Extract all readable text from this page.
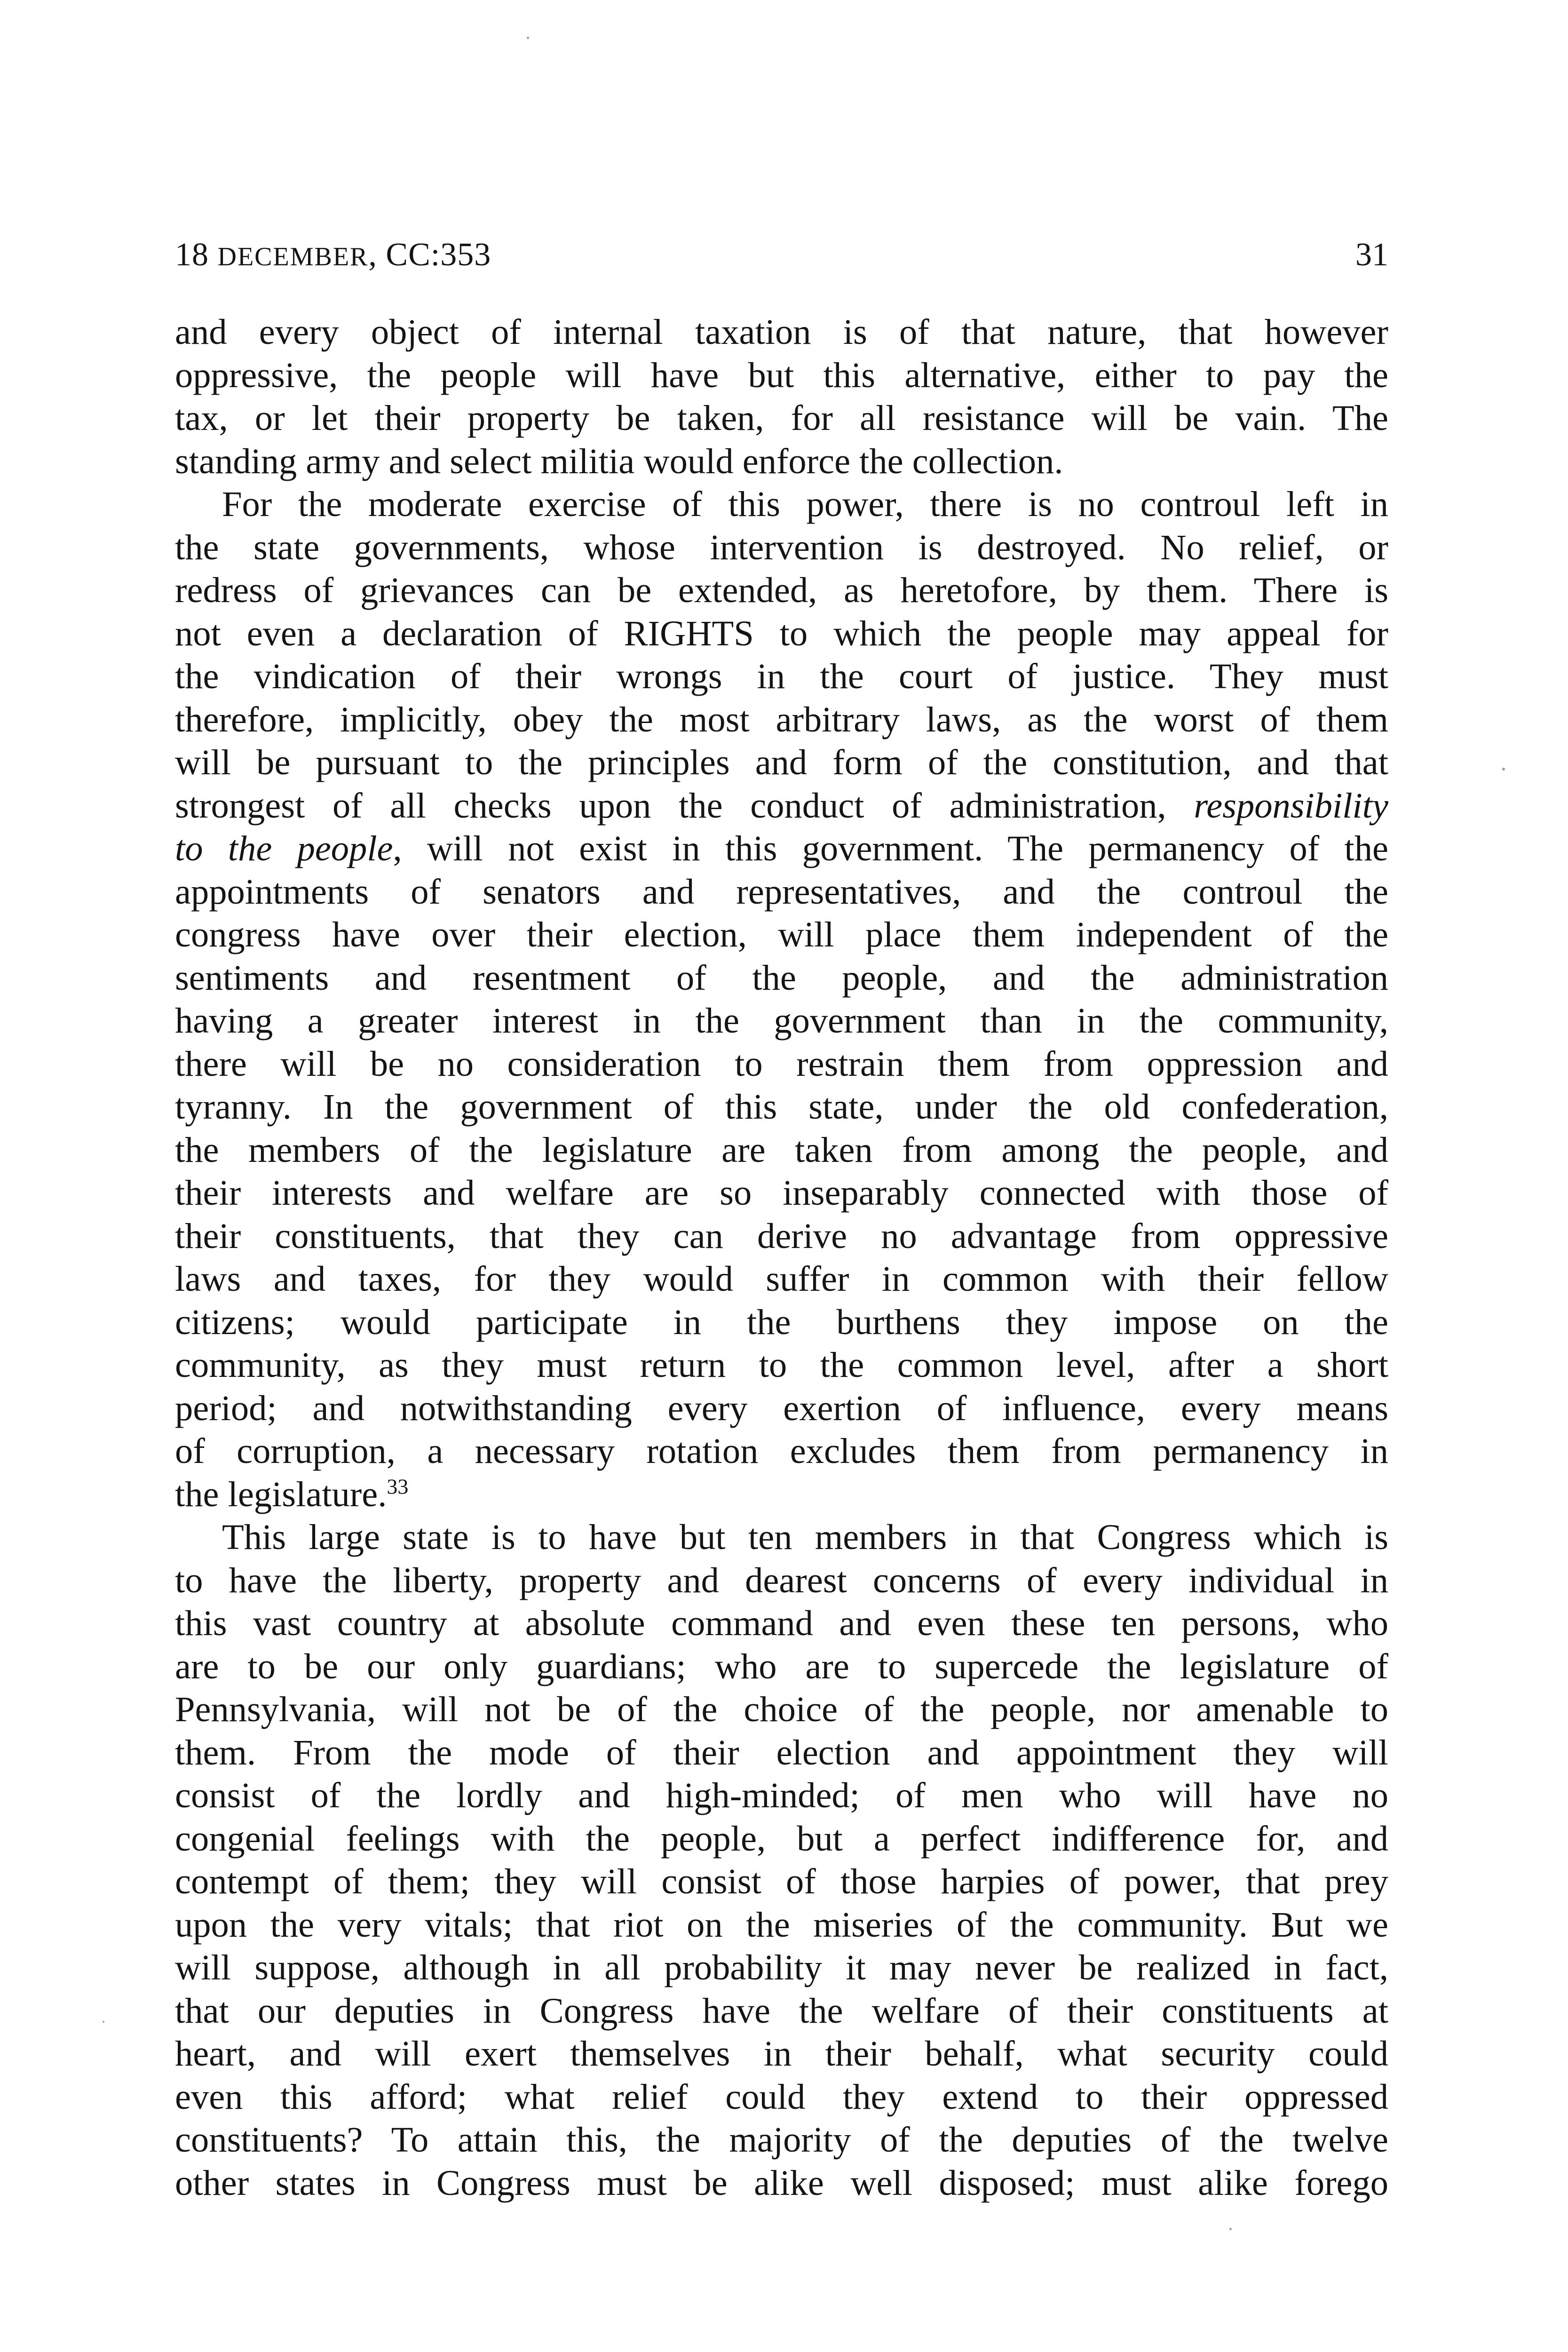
18 DECEMBER, CC:353	31

and every object of internal taxation is of that nature, that however

oppressive, the people will have but this alternative, either to pay the

tax, or let their property be taken, for all resistance will be vain. The

standing army and select militia would enforce the collection.

For the moderate exercise of this power, there is no controul left in

the state governments, whose intervention is destroyed. No relief, or

redress of grievances can be extended, as heretofore, by them. There is

not even a declaration of RIGHTS to which the people may appeal for

the vindication of their wrongs in the court of justice. They must

therefore, implicitly, obey the most arbitrary laws, as the worst of them

will be pursuant to the principles and form of the constitution, and that

strongest of all checks upon the conduct of administration, responsibility

to the people, will not exist in this government. The permanency of the

appointments of senators and representatives, and the controul the

congress have over their election, will place them independent of the

sentiments and resentment of the people, and the administration

having a greater interest in the government than in the community,

there will be no consideration to restrain them from oppression and

tyranny. In the government of this state, under the old confederation,

the members of the legislature are taken from among the people, and

their interests and welfare are so inseparably connected with those of

their constituents, that they can derive no advantage from oppressive

laws and taxes, for they would suffer in common with their fellow

citizens; would participate in the burthens they impose on the

community, as they must return to the common level, after a short

period; and notwithstanding every exertion of influence, every means

of corruption, a necessary rotation excludes them from permanency in

the legislature.$^{33}$

This large state is to have but ten members in that Congress which is

to have the liberty, property and dearest concerns of every individual in

this vast country at absolute command and even these ten persons, who

are to be our only guardians; who are to supercede the legislature of

Pennsylvania, will not be of the choice of the people, nor amenable to

them. From the mode of their election and appointment they will

consist of the lordly and high-minded; of men who will have no

congenial feelings with the people, but a perfect indifference for, and

contempt of them; they will consist of those harpies of power, that prey

upon the very vitals; that riot on the miseries of the community. But we

will suppose, although in all probability it may never be realized in fact,

that our deputies in Congress have the welfare of their constituents at

heart, and will exert themselves in their behalf, what security could

even this afford; what relief could they extend to their oppressed

constituents? To attain this, the majority of the deputies of the twelve

other states in Congress must be alike well disposed; must alike forego
